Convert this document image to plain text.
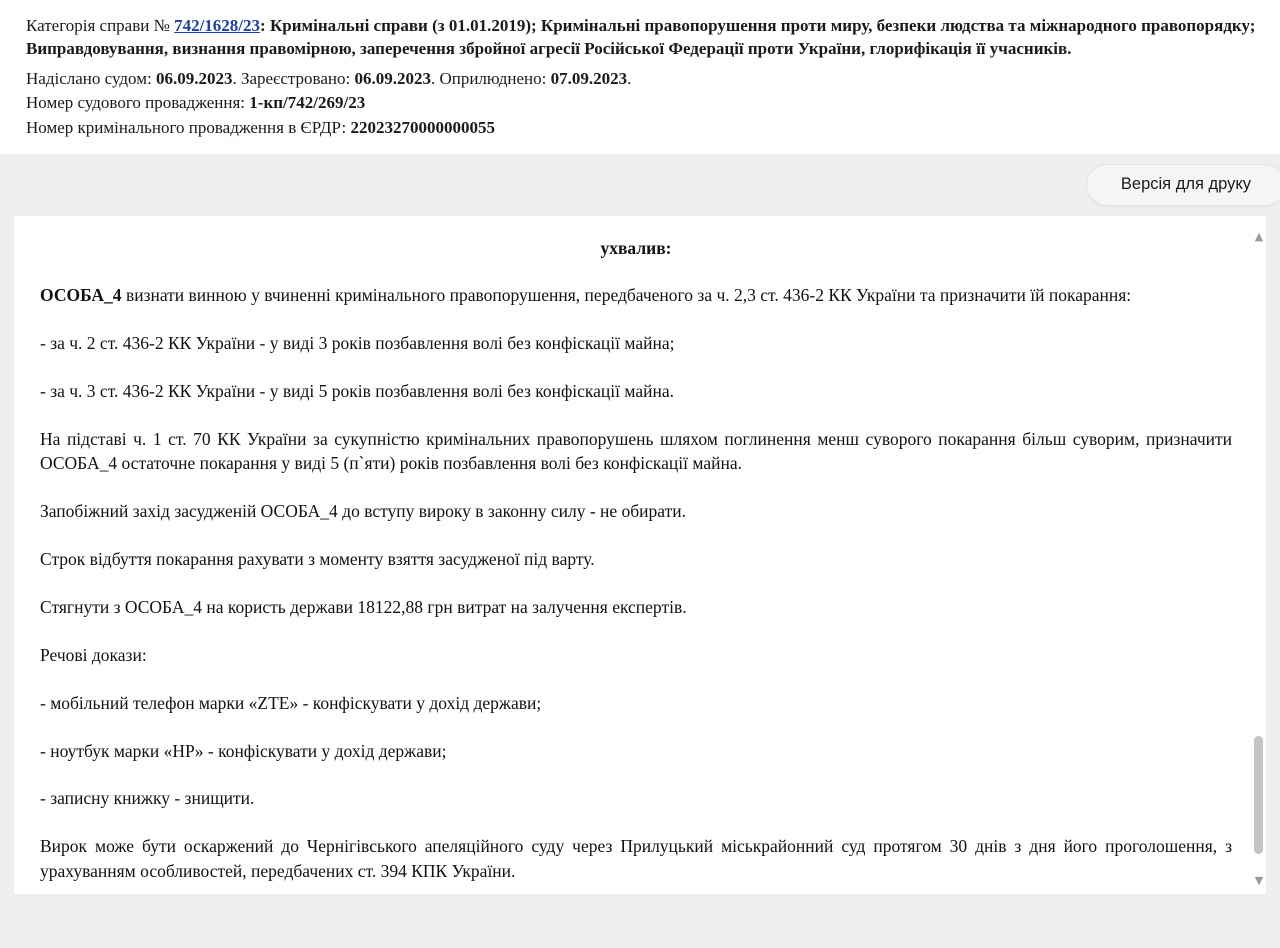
Категорія справи № 742/1628/23: Кримінальні справи (з 01.01.2019); Кримінальні правопорушення проти миру, безпеки людства та міжнародного правопорядку; Виправдовування, визнання правомірною, заперечення збройної агресії Російської Федерації проти України, глорифікація її учасників.
Надіслано судом: 06.09.2023. Зареєстровано: 06.09.2023. Оприлюднено: 07.09.2023.
Номер судового провадження: 1-кп/742/269/23
Номер кримінального провадження в ЄРДР: 22023270000000055
Версія для друку
ухвалив:

ОСОБА_4 визнати винною у вчиненні кримінального правопорушення, передбаченого за ч. 2,3 ст. 436-2 КК України та призначити їй покарання:

- за ч. 2 ст. 436-2 КК України - у виді 3 років позбавлення волі без конфіскації майна;

- за ч. 3 ст. 436-2 КК України - у виді 5 років позбавлення волі без конфіскації майна.

На підставі ч. 1 ст. 70 КК України за сукупністю кримінальних правопорушень шляхом поглинення менш суворого покарання більш суворим, призначити ОСОБА_4 остаточне покарання у виді 5 (п`яти) років позбавлення волі без конфіскації майна.

Запобіжний захід засудженій ОСОБА_4 до вступу вироку в законну силу - не обирати.

Строк відбуття покарання рахувати з моменту взяття засудженої під варту.

Стягнути з ОСОБА_4 на користь держави 18122,88 грн витрат на залучення експертів.

Речові докази:

- мобільний телефон марки «ZTE» - конфіскувати у дохід держави;

- ноутбук марки «HP» - конфіскувати у дохід держави;

- записну книжку - знищити.

Вирок може бути оскаржений до Чернігівського апеляційного суду через Прилуцький міськрайонний суд протягом 30 днів з дня його проголошення, з урахуванням особливостей, передбачених ст. 394 КПК України.

▲
▼
